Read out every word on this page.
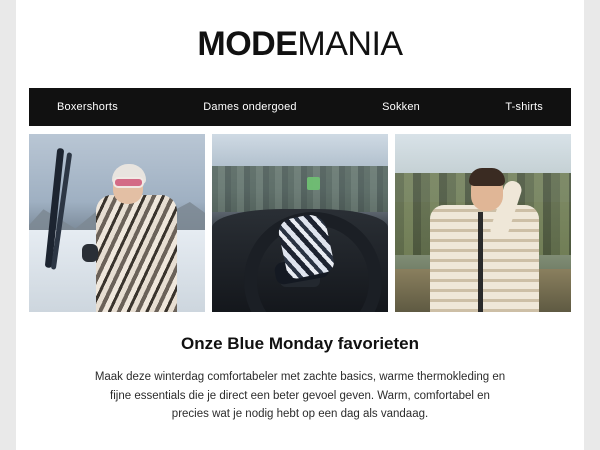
MODEMANIA
Boxershorts	Dames ondergoed	Sokken	T-shirts
Onze Blue Monday favorieten
Maak deze winterdag comfortabeler met zachte basics, warme thermokleding en fijne essentials die je direct een beter gevoel geven. Warm, comfortabel en precies wat je nodig hebt op een dag als vandaag.
